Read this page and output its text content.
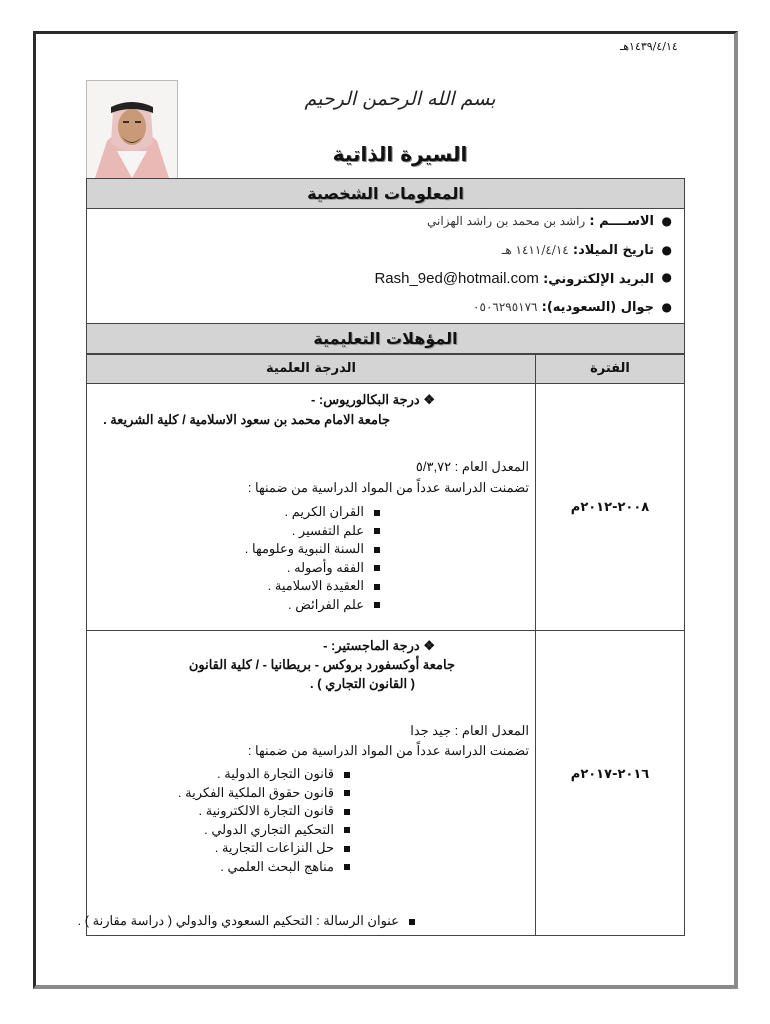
١٤٣٩/٤/١٤هـ
بسم الله الرحمن الرحيم
السيرة الذاتية
المعلومات الشخصية
●
الاســــم : راشد بن محمد بن راشد الهزاني
●
تاريخ الميلاد: ١٤١١/٤/١٤ هـ
●
البريد الإلكتروني: Rash_9ed@hotmail.com
●
جوال (السعوديه): ٠٥٠٦٢٩٥١٧٦
المؤهلات التعليمية
الدرجة العلمية	الفترة
٢٠٠٨-٢٠١٢م
❖ درجة البكالوريوس: -
جامعة الامام محمد بن سعود الاسلامية / كلية الشريعة .
المعدل العام : ٥/٣,٧٢
تضمنت الدراسة عدداً من المواد الدراسية من ضمنها :
القران الكريم .
علم التفسير .
السنة النبوية وعلومها .
الفقه وأصوله .
العقيدة الاسلامية .
علم الفرائض .
٢٠١٦-٢٠١٧م
❖ درجة الماجستير: -
جامعة أوكسفورد بروكس - بريطانيا - / كلية القانون
( القانون التجاري ) .
المعدل العام : جيد جدا
تضمنت الدراسة عدداً من المواد الدراسية من ضمنها :
قانون التجارة الدولية .
قانون حقوق الملكية الفكرية .
قانون التجارة الالكترونية .
التحكيم التجاري الدولي .
حل النزاعات التجارية .
مناهج البحث العلمي .
عنوان الرسالة : التحكيم السعودي والدولي ( دراسة مقارنة ) .
